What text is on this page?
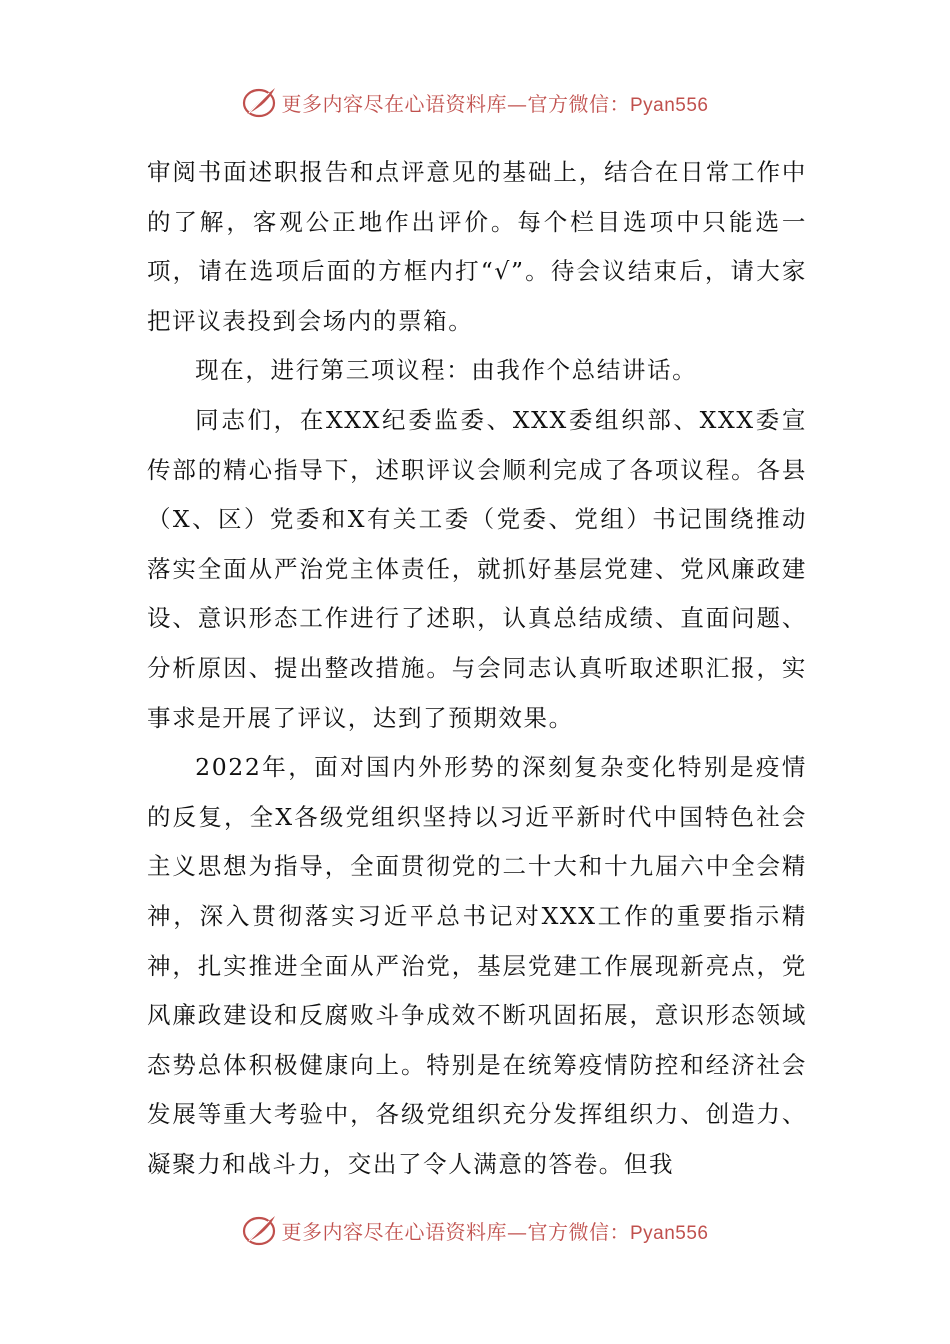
更多内容尽在心语资料库—官方微信：Pyan556

审阅书面述职报告和点评意见的基础上，结合在日常工作中的了解，客观公正地作出评价。每个栏目选项中只能选一项，请在选项后面的方框内打“√”。待会议结束后，请大家把评议表投到会场内的票箱。

现在，进行第三项议程：由我作个总结讲话。

同志们，在XXX纪委监委、XXX委组织部、XXX委宣传部的精心指导下，述职评议会顺利完成了各项议程。各县（X、区）党委和X有关工委（党委、党组）书记围绕推动落实全面从严治党主体责任，就抓好基层党建、党风廉政建设、意识形态工作进行了述职，认真总结成绩、直面问题、分析原因、提出整改措施。与会同志认真听取述职汇报，实事求是开展了评议，达到了预期效果。

2022年，面对国内外形势的深刻复杂变化特别是疫情的反复，全X各级党组织坚持以习近平新时代中国特色社会主义思想为指导，全面贯彻党的二十大和十九届六中全会精神，深入贯彻落实习近平总书记对XXX工作的重要指示精神，扎实推进全面从严治党，基层党建工作展现新亮点，党风廉政建设和反腐败斗争成效不断巩固拓展，意识形态领域态势总体积极健康向上。特别是在统筹疫情防控和经济社会发展等重大考验中，各级党组织充分发挥组织力、创造力、凝聚力和战斗力，交出了令人满意的答卷。但我

更多内容尽在心语资料库—官方微信：Pyan556
